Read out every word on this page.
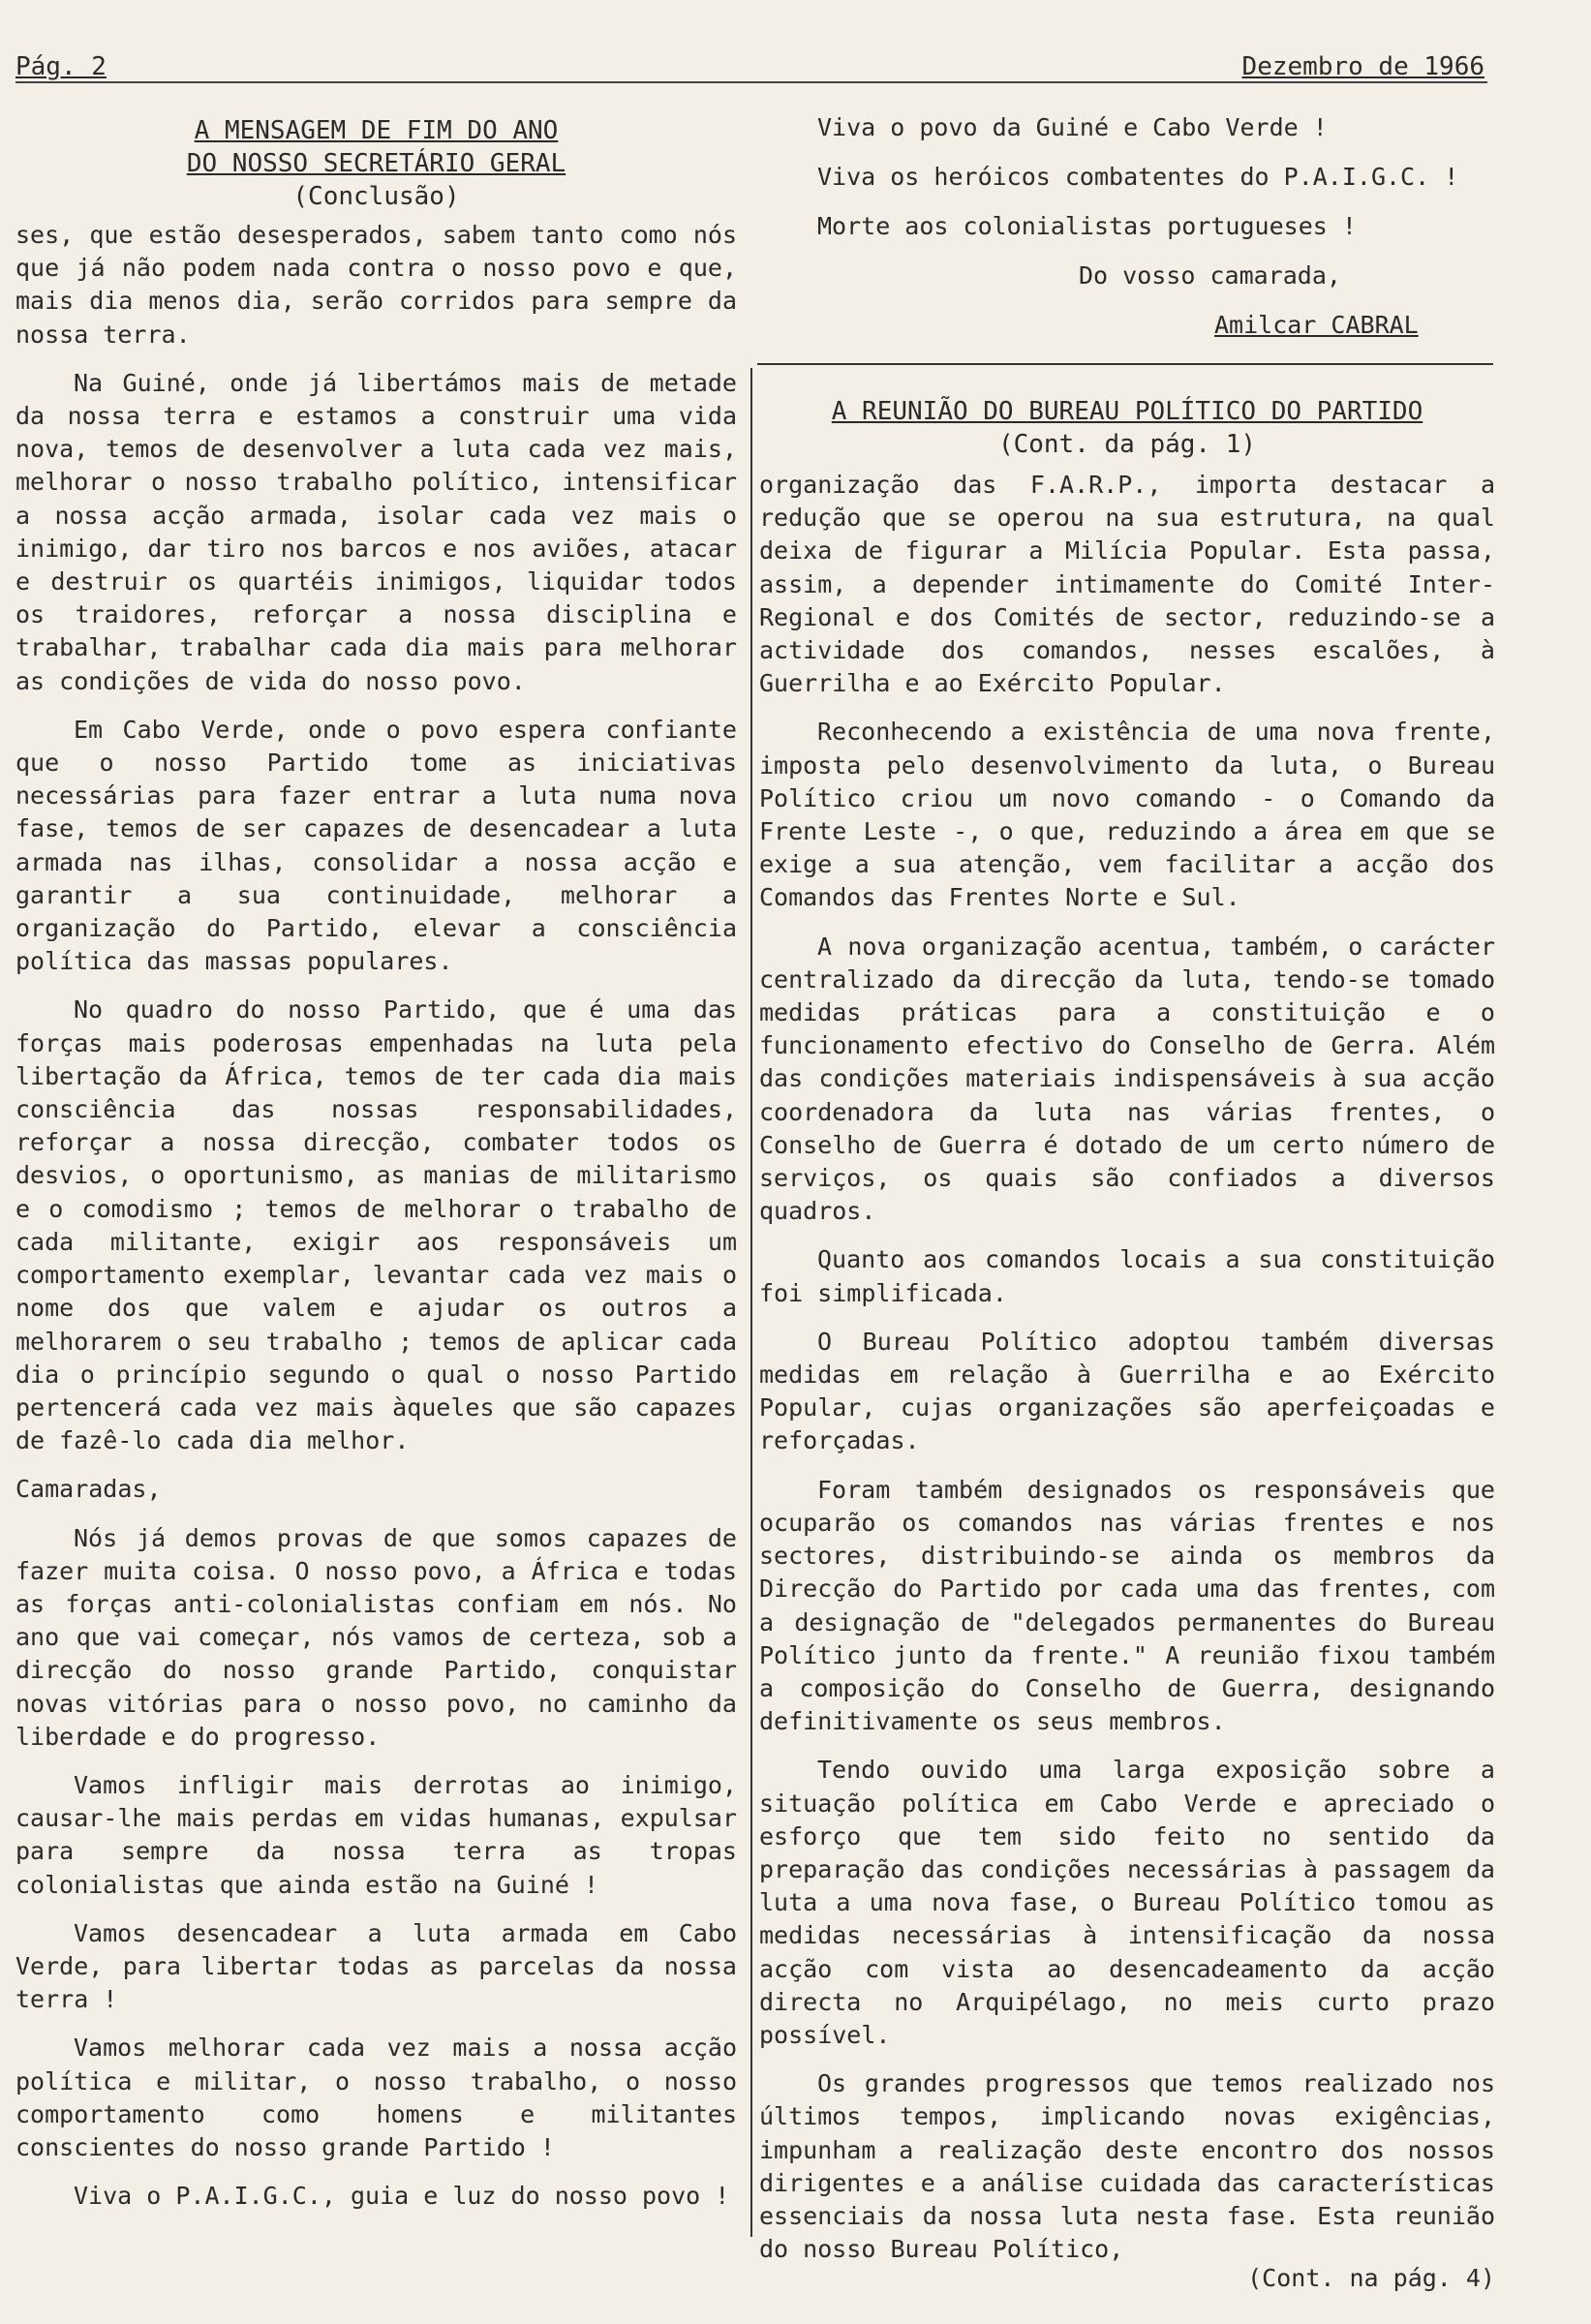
Pág. 2	Dezembro de 1966

A MENSAGEM DE FIM DO ANO
DO NOSSO SECRETÁRIO GERAL
(Conclusão)

ses, que estão desesperados, sabem tanto como nós que já não podem nada contra o nosso povo e que, mais dia menos dia, serão corridos para sempre da nossa terra.

Na Guiné, onde já libertámos mais de metade da nossa terra e estamos a construir uma vida nova, temos de desenvolver a luta cada vez mais, melhorar o nosso trabalho político, intensificar a nossa acção armada, isolar cada vez mais o inimigo, dar tiro nos barcos e nos aviões, atacar e destruir os quartéis inimigos, liquidar todos os traidores, reforçar a nossa disciplina e trabalhar, trabalhar cada dia mais para melhorar as condições de vida do nosso povo.

Em Cabo Verde, onde o povo espera confiante que o nosso Partido tome as iniciativas necessárias para fazer entrar a luta numa nova fase, temos de ser capazes de desencadear a luta armada nas ilhas, consolidar a nossa acção e garantir a sua continuidade, melhorar a organização do Partido, elevar a consciência política das massas populares.

No quadro do nosso Partido, que é uma das forças mais poderosas empenhadas na luta pela libertação da África, temos de ter cada dia mais consciência das nossas responsabilidades, reforçar a nossa direcção, combater todos os desvios, o oportunismo, as manias de militarismo e o comodismo ; temos de melhorar o trabalho de cada militante, exigir aos responsáveis um comportamento exemplar, levantar cada vez mais o nome dos que valem e ajudar os outros a melhorarem o seu trabalho ; temos de aplicar cada dia o princípio segundo o qual o nosso Partido pertencerá cada vez mais àqueles que são capazes de fazê-lo cada dia melhor.

Camaradas,

Nós já demos provas de que somos capazes de fazer muita coisa. O nosso povo, a África e todas as forças anti-colonialistas confiam em nós. No ano que vai começar, nós vamos de certeza, sob a direcção do nosso grande Partido, conquistar novas vitórias para o nosso povo, no caminho da liberdade e do progresso.

Vamos infligir mais derrotas ao inimigo, causar-lhe mais perdas em vidas humanas, expulsar para sempre da nossa terra as tropas colonialistas que ainda estão na Guiné !

Vamos desencadear a luta armada em Cabo Verde, para libertar todas as parcelas da nossa terra !

Vamos melhorar cada vez mais a nossa acção política e militar, o nosso trabalho, o nosso comportamento como homens e militantes conscientes do nosso grande Partido !

Viva o P.A.I.G.C., guia e luz do nosso povo !

Viva o povo da Guiné e Cabo Verde !

Viva os heróicos combatentes do P.A.I.G.C. !

Morte aos colonialistas portugueses !

Do vosso camarada,

Amilcar CABRAL

A REUNIÃO DO BUREAU POLÍTICO DO PARTIDO
(Cont. da pág. 1)

organização das F.A.R.P., importa destacar a redução que se operou na sua estrutura, na qual deixa de figurar a Milícia Popular. Esta passa, assim, a depender intimamente do Comité Inter-Regional e dos Comités de sector, reduzindo-se a actividade dos comandos, nesses escalões, à Guerrilha e ao Exército Popular.

Reconhecendo a existência de uma nova frente, imposta pelo desenvolvimento da luta, o Bureau Político criou um novo comando - o Comando da Frente Leste -, o que, reduzindo a área em que se exige a sua atenção, vem facilitar a acção dos Comandos das Frentes Norte e Sul.

A nova organização acentua, também, o carácter centralizado da direcção da luta, tendo-se tomado medidas práticas para a constituição e o funcionamento efectivo do Conselho de Gerra. Além das condições materiais indispensáveis à sua acção coordenadora da luta nas várias frentes, o Conselho de Guerra é dotado de um certo número de serviços, os quais são confiados a diversos quadros.

Quanto aos comandos locais a sua constituição foi simplificada.

O Bureau Político adoptou também diversas medidas em relação à Guerrilha e ao Exército Popular, cujas organizações são aperfeiçoadas e reforçadas.

Foram também designados os responsáveis que ocuparão os comandos nas várias frentes e nos sectores, distribuindo-se ainda os membros da Direcção do Partido por cada uma das frentes, com a designação de "delegados permanentes do Bureau Político junto da frente." A reunião fixou também a composição do Conselho de Guerra, designando definitivamente os seus membros.

Tendo ouvido uma larga exposição sobre a situação política em Cabo Verde e apreciado o esforço que tem sido feito no sentido da preparação das condições necessárias à passagem da luta a uma nova fase, o Bureau Político tomou as medidas necessárias à intensificação da nossa acção com vista ao desencadeamento da acção directa no Arquipélago, no meis curto prazo possível.

Os grandes progressos que temos realizado nos últimos tempos, implicando novas exigências, impunham a realização deste encontro dos nossos dirigentes e a análise cuidada das características essenciais da nossa luta nesta fase. Esta reunião do nosso Bureau Político,

(Cont. na pág. 4)
